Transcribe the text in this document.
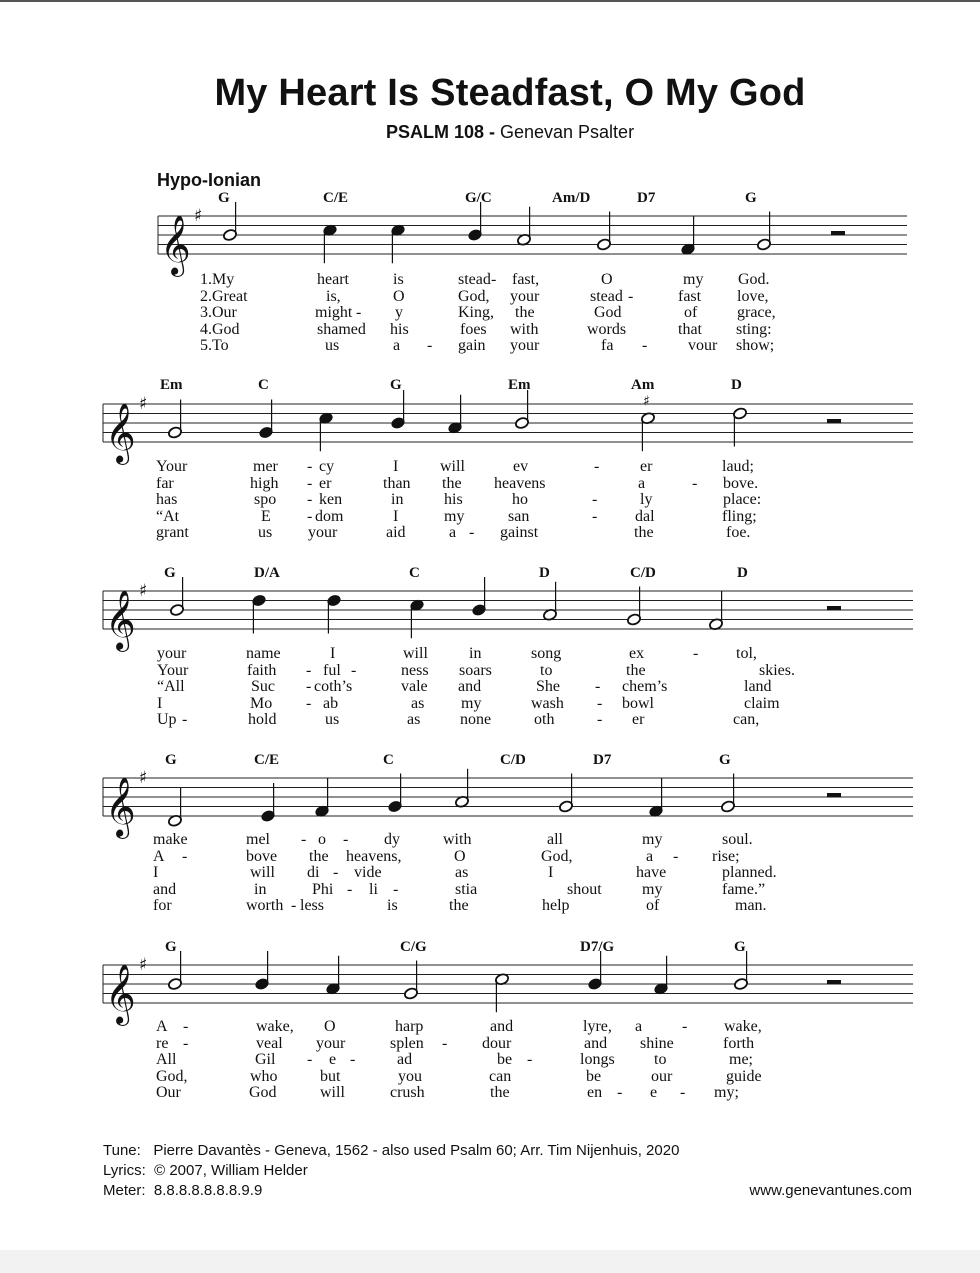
My Heart Is Steadfast, O My God
PSALM 108 - Genevan Psalter
Hypo-Ionian
𝄞 ♯
𝄞 ♯	♯
𝄞 ♯
𝄞 ♯
𝄞 ♯
G	C/E	G/C	Am/D	D7	G
1.My	heart	is	stead - fast,	O	my God.
2.Great	is,	O	God, your	stead -	fast love,
3.Our	might - y	King, the	God	of grace,
4.God	shamed his	foes with	words	that sting:
5.To	us	a - gain your	fa -	vour show;
Em	C	G	Em	Am	D
Your	mer - cy	I	will	ev	-	er	laud;
far	high - er	than the heavens	a	- bove.
has	spo - ken	in	his	ho	-	ly	place:
“At	E - dom	I	my	san	- dal	fling;
grant	us your	aid	a - gainst	the	foe.
G	D/A	C	D	C/D	D
your	name	I	will	in	song	ex	- tol,
Your	faith - ful -	ness soars	to	the	skies.
“All	Suc - coth’s	vale and	She - chem’s	land
I	Mo - ab	as my	wash - bowl	claim
Up -	hold	us	as none	oth	- er	can,
G	C/E	C	C/D	D7	G
make	mel - o - dy	with	all	my	soul.
A -	bove the heavens,	O	God,	a - rise;
I	will di - vide	as	I	have	planned.
and	in	Phi - li -	stia	shout	my	fame.”
for	worth - less	is	the	help	of	man.
G	C/G	D7/G	G
A -	wake, O	harp	and	lyre, a - wake,
re -	veal your	splen - dour	and shine	forth
All	Gil - e -	ad	be -	longs to	me;
God,	who	but	you	can	be	our	guide
Our	God	will	crush	the	en - e - my;
Tune: Pierre Davantès - Geneva, 1562 - also used Psalm 60; Arr. Tim Nijenhuis, 2020
Lyrics: © 2007, William Helder
Meter: 8.8.8.8.8.8.8.9.9	www.genevantunes.com
